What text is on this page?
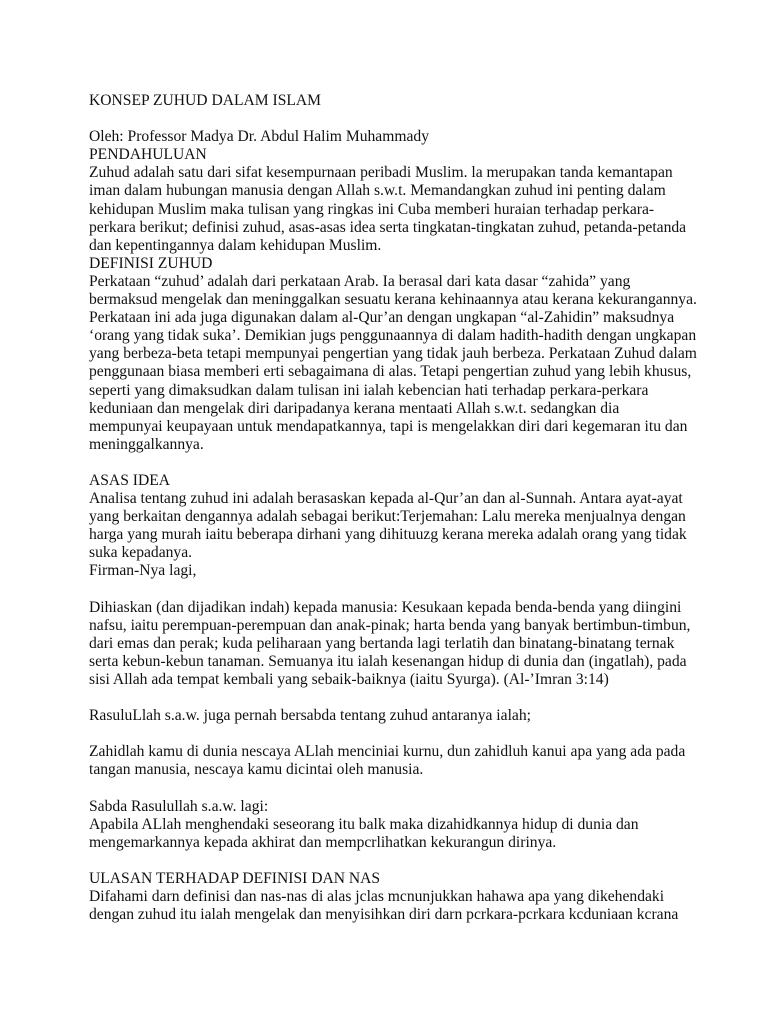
KONSEP ZUHUD DALAM ISLAM
Oleh: Professor Madya Dr. Abdul Halim Muhammady
PENDAHULUAN
Zuhud adalah satu dari sifat kesempurnaan peribadi Muslim. la merupakan tanda kemantapan
iman dalam hubungan manusia dengan Allah s.w.t. Memandangkan zuhud ini penting dalam
kehidupan Muslim maka tulisan yang ringkas ini Cuba memberi huraian terhadap perkara-
perkara berikut; definisi zuhud, asas-asas idea serta tingkatan-tingkatan zuhud, petanda-petanda
dan kepentingannya dalam kehidupan Muslim.
DEFINISI ZUHUD
Perkataan “zuhud’ adalah dari perkataan Arab. Ia berasal dari kata dasar “zahida” yang
bermaksud mengelak dan meninggalkan sesuatu kerana kehinaannya atau kerana kekurangannya.
Perkataan ini ada juga digunakan dalam al-Qur’an dengan ungkapan “al-Zahidin” maksudnya
‘orang yang tidak suka’. Demikian jugs penggunaannya di dalam hadith-hadith dengan ungkapan
yang berbeza-beta tetapi mempunyai pengertian yang tidak jauh berbeza. Perkataan Zuhud dalam
penggunaan biasa memberi erti sebagaimana di alas. Tetapi pengertian zuhud yang lebih khusus,
seperti yang dimaksudkan dalam tulisan ini ialah kebencian hati terhadap perkara-perkara
keduniaan dan mengelak diri daripadanya kerana mentaati Allah s.w.t. sedangkan dia
mempunyai keupayaan untuk mendapatkannya, tapi is mengelakkan diri dari kegemaran itu dan
meninggalkannya.
ASAS IDEA
Analisa tentang zuhud ini adalah berasaskan kepada al-Qur’an dan al-Sunnah. Antara ayat-ayat
yang berkaitan dengannya adalah sebagai berikut:Terjemahan: Lalu mereka menjualnya dengan
harga yang murah iaitu beberapa dirhani yang dihituuzg kerana mereka adalah orang yang tidak
suka kepadanya.
Firman-Nya lagi,
Dihiaskan (dan dijadikan indah) kepada manusia: Kesukaan kepada benda-benda yang diingini
nafsu, iaitu perempuan-perempuan dan anak-pinak; harta benda yang banyak bertimbun-timbun,
dari emas dan perak; kuda peliharaan yang bertanda lagi terlatih dan binatang-binatang ternak
serta kebun-kebun tanaman. Semuanya itu ialah kesenangan hidup di dunia dan (ingatlah), pada
sisi Allah ada tempat kembali yang sebaik-baiknya (iaitu Syurga). (Al-’Imran 3:14)
RasuluLlah s.a.w. juga pernah bersabda tentang zuhud antaranya ialah;
Zahidlah kamu di dunia nescaya ALlah menciniai kurnu, dun zahidluh kanui apa yang ada pada
tangan manusia, nescaya kamu dicintai oleh manusia.
Sabda Rasulullah s.a.w. lagi:
Apabila ALlah menghendaki seseorang itu balk maka dizahidkannya hidup di dunia dan
mengemarkannya kepada akhirat dan mempcrlihatkan kekurangun dirinya.
ULASAN TERHADAP DEFINISI DAN NAS
Difahami darn definisi dan nas-nas di alas jclas mcnunjukkan hahawa apa yang dikehendaki
dengan zuhud itu ialah mengelak dan menyisihkan diri darn pcrkara-pcrkara kcduniaan kcrana
